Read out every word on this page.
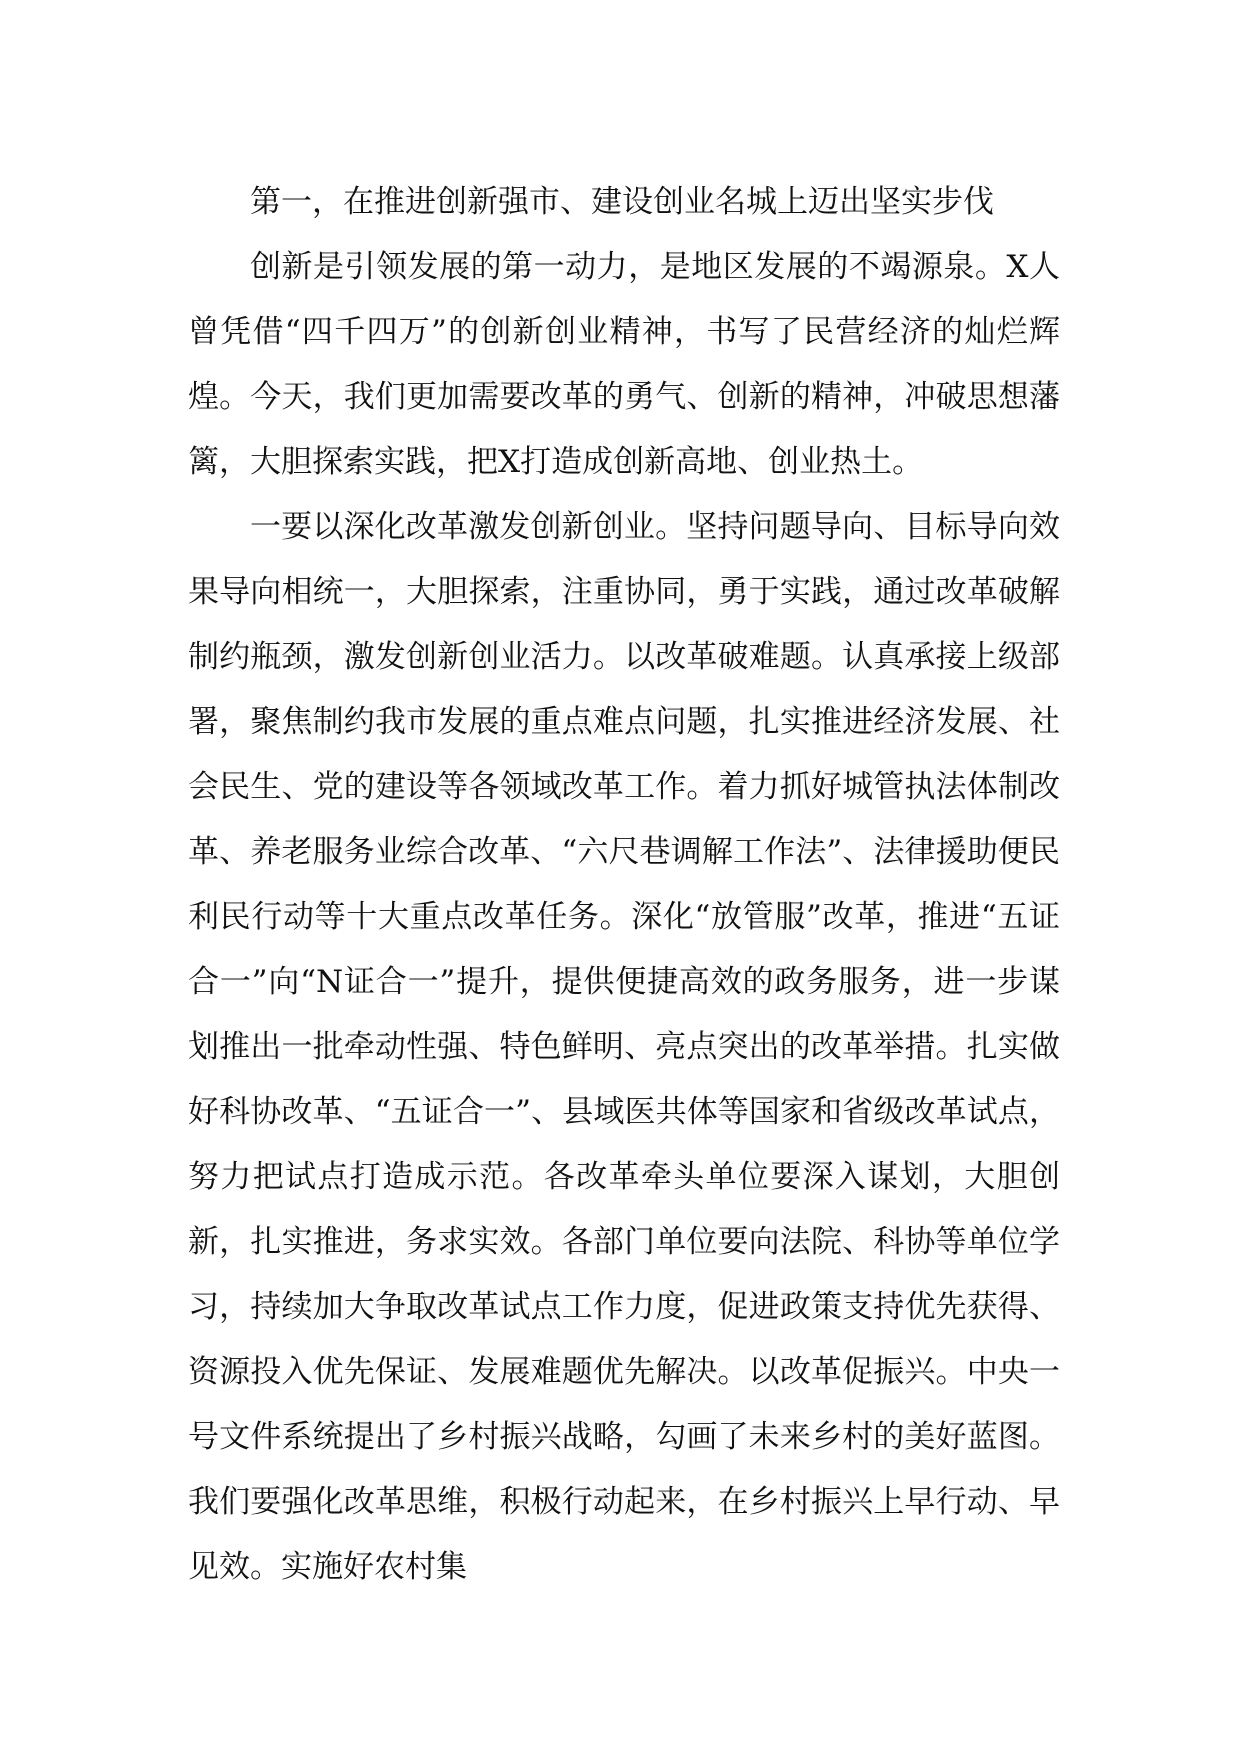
第一，在推进创新强市、建设创业名城上迈出坚实步伐

创新是引领发展的第一动力，是地区发展的不竭源泉。X人曾凭借“四千四万”的创新创业精神，书写了民营经济的灿烂辉煌。今天，我们更加需要改革的勇气、创新的精神，冲破思想藩篱，大胆探索实践，把X打造成创新高地、创业热土。

一要以深化改革激发创新创业。坚持问题导向、目标导向效果导向相统一，大胆探索，注重协同，勇于实践，通过改革破解制约瓶颈，激发创新创业活力。以改革破难题。认真承接上级部署，聚焦制约我市发展的重点难点问题，扎实推进经济发展、社会民生、党的建设等各领域改革工作。着力抓好城管执法体制改革、养老服务业综合改革、“六尺巷调解工作法”、法律援助便民利民行动等十大重点改革任务。深化“放管服”改革，推进“五证合一”向“N证合一”提升，提供便捷高效的政务服务，进一步谋划推出一批牵动性强、特色鲜明、亮点突出的改革举措。扎实做好科协改革、“五证合一”、县域医共体等国家和省级改革试点，努力把试点打造成示范。各改革牵头单位要深入谋划，大胆创新，扎实推进，务求实效。各部门单位要向法院、科协等单位学习，持续加大争取改革试点工作力度，促进政策支持优先获得、资源投入优先保证、发展难题优先解决。以改革促振兴。中央一号文件系统提出了乡村振兴战略，勾画了未来乡村的美好蓝图。我们要强化改革思维，积极行动起来，在乡村振兴上早行动、早见效。实施好农村集
